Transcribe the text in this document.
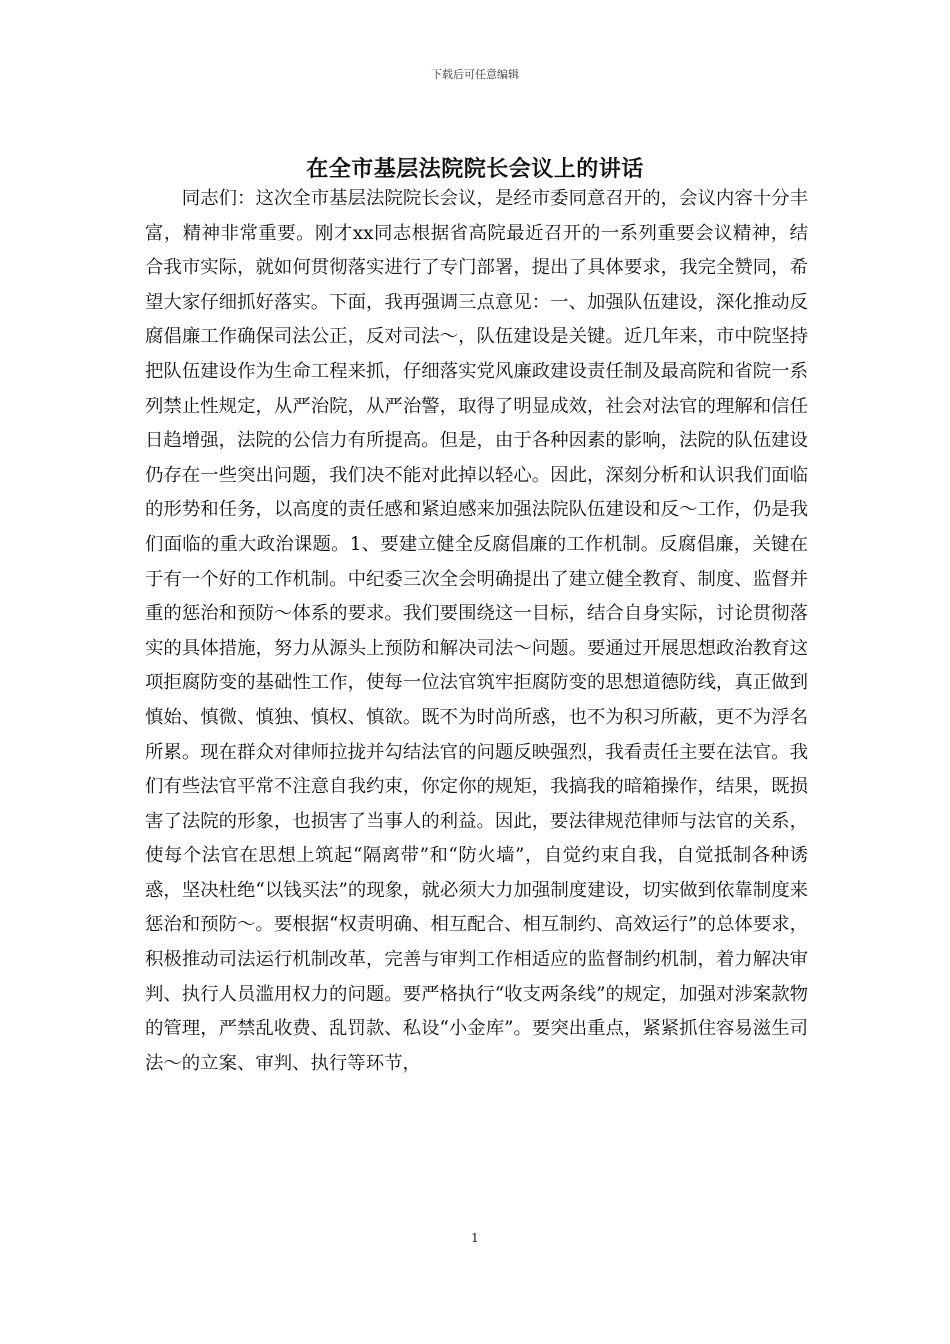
下载后可任意编辑
在全市基层法院院长会议上的讲话
同志们：这次全市基层法院院长会议，是经市委同意召开的，会议内容十分丰富，精神非常重要。刚才xx同志根据省高院最近召开的一系列重要会议精神，结合我市实际，就如何贯彻落实进行了专门部署，提出了具体要求，我完全赞同，希望大家仔细抓好落实。下面，我再强调三点意见：一、加强队伍建设，深化推动反腐倡廉工作确保司法公正，反对司法～，队伍建设是关键。近几年来，市中院坚持把队伍建设作为生命工程来抓，仔细落实党风廉政建设责任制及最高院和省院一系列禁止性规定，从严治院，从严治警，取得了明显成效，社会对法官的理解和信任日趋增强，法院的公信力有所提高。但是，由于各种因素的影响，法院的队伍建设仍存在一些突出问题，我们决不能对此掉以轻心。因此，深刻分析和认识我们面临的形势和任务，以高度的责任感和紧迫感来加强法院队伍建设和反～工作，仍是我们面临的重大政治课题。1、要建立健全反腐倡廉的工作机制。反腐倡廉，关键在于有一个好的工作机制。中纪委三次全会明确提出了建立健全教育、制度、监督并重的惩治和预防～体系的要求。我们要围绕这一目标，结合自身实际，讨论贯彻落实的具体措施，努力从源头上预防和解决司法～问题。要通过开展思想政治教育这项拒腐防变的基础性工作，使每一位法官筑牢拒腐防变的思想道德防线，真正做到慎始、慎微、慎独、慎权、慎欲。既不为时尚所惑，也不为积习所蔽，更不为浮名所累。现在群众对律师拉拢并勾结法官的问题反映强烈，我看责任主要在法官。我们有些法官平常不注意自我约束，你定你的规矩，我搞我的暗箱操作，结果，既损害了法院的形象，也损害了当事人的利益。因此，要法律规范律师与法官的关系，使每个法官在思想上筑起“隔离带”和“防火墙”，自觉约束自我，自觉抵制各种诱惑，坚决杜绝“以钱买法”的现象，就必须大力加强制度建设，切实做到依靠制度来惩治和预防～。要根据“权责明确、相互配合、相互制约、高效运行”的总体要求，积极推动司法运行机制改革，完善与审判工作相适应的监督制约机制，着力解决审判、执行人员滥用权力的问题。要严格执行“收支两条线”的规定，加强对涉案款物的管理，严禁乱收费、乱罚款、私设“小金库”。要突出重点，紧紧抓住容易滋生司法～的立案、审判、执行等环节，
1
